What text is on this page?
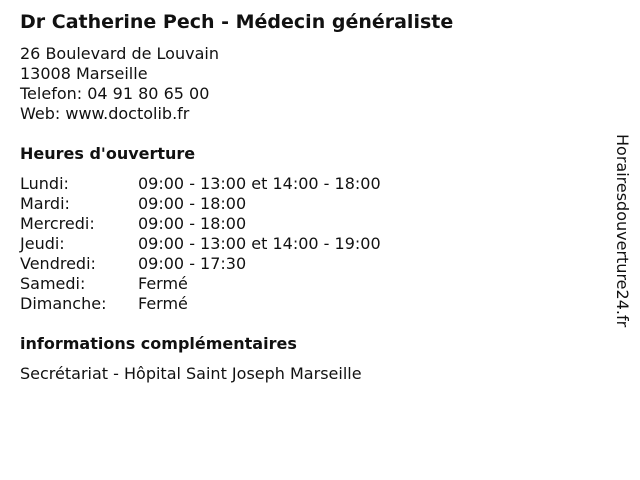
Dr Catherine Pech - Médecin généraliste
26 Boulevard de Louvain
13008 Marseille
Telefon: 04 91 80 65 00
Web: www.doctolib.fr
Heures d'ouverture
Lundi:	09:00 - 13:00 et 14:00 - 18:00
Mardi:	09:00 - 18:00
Mercredi:	09:00 - 18:00
Jeudi:	09:00 - 13:00 et 14:00 - 19:00
Vendredi:	09:00 - 17:30
Samedi:	Fermé
Dimanche:	Fermé
informations complémentaires
Secrétariat - Hôpital Saint Joseph Marseille
Horairesdouverture24.fr
